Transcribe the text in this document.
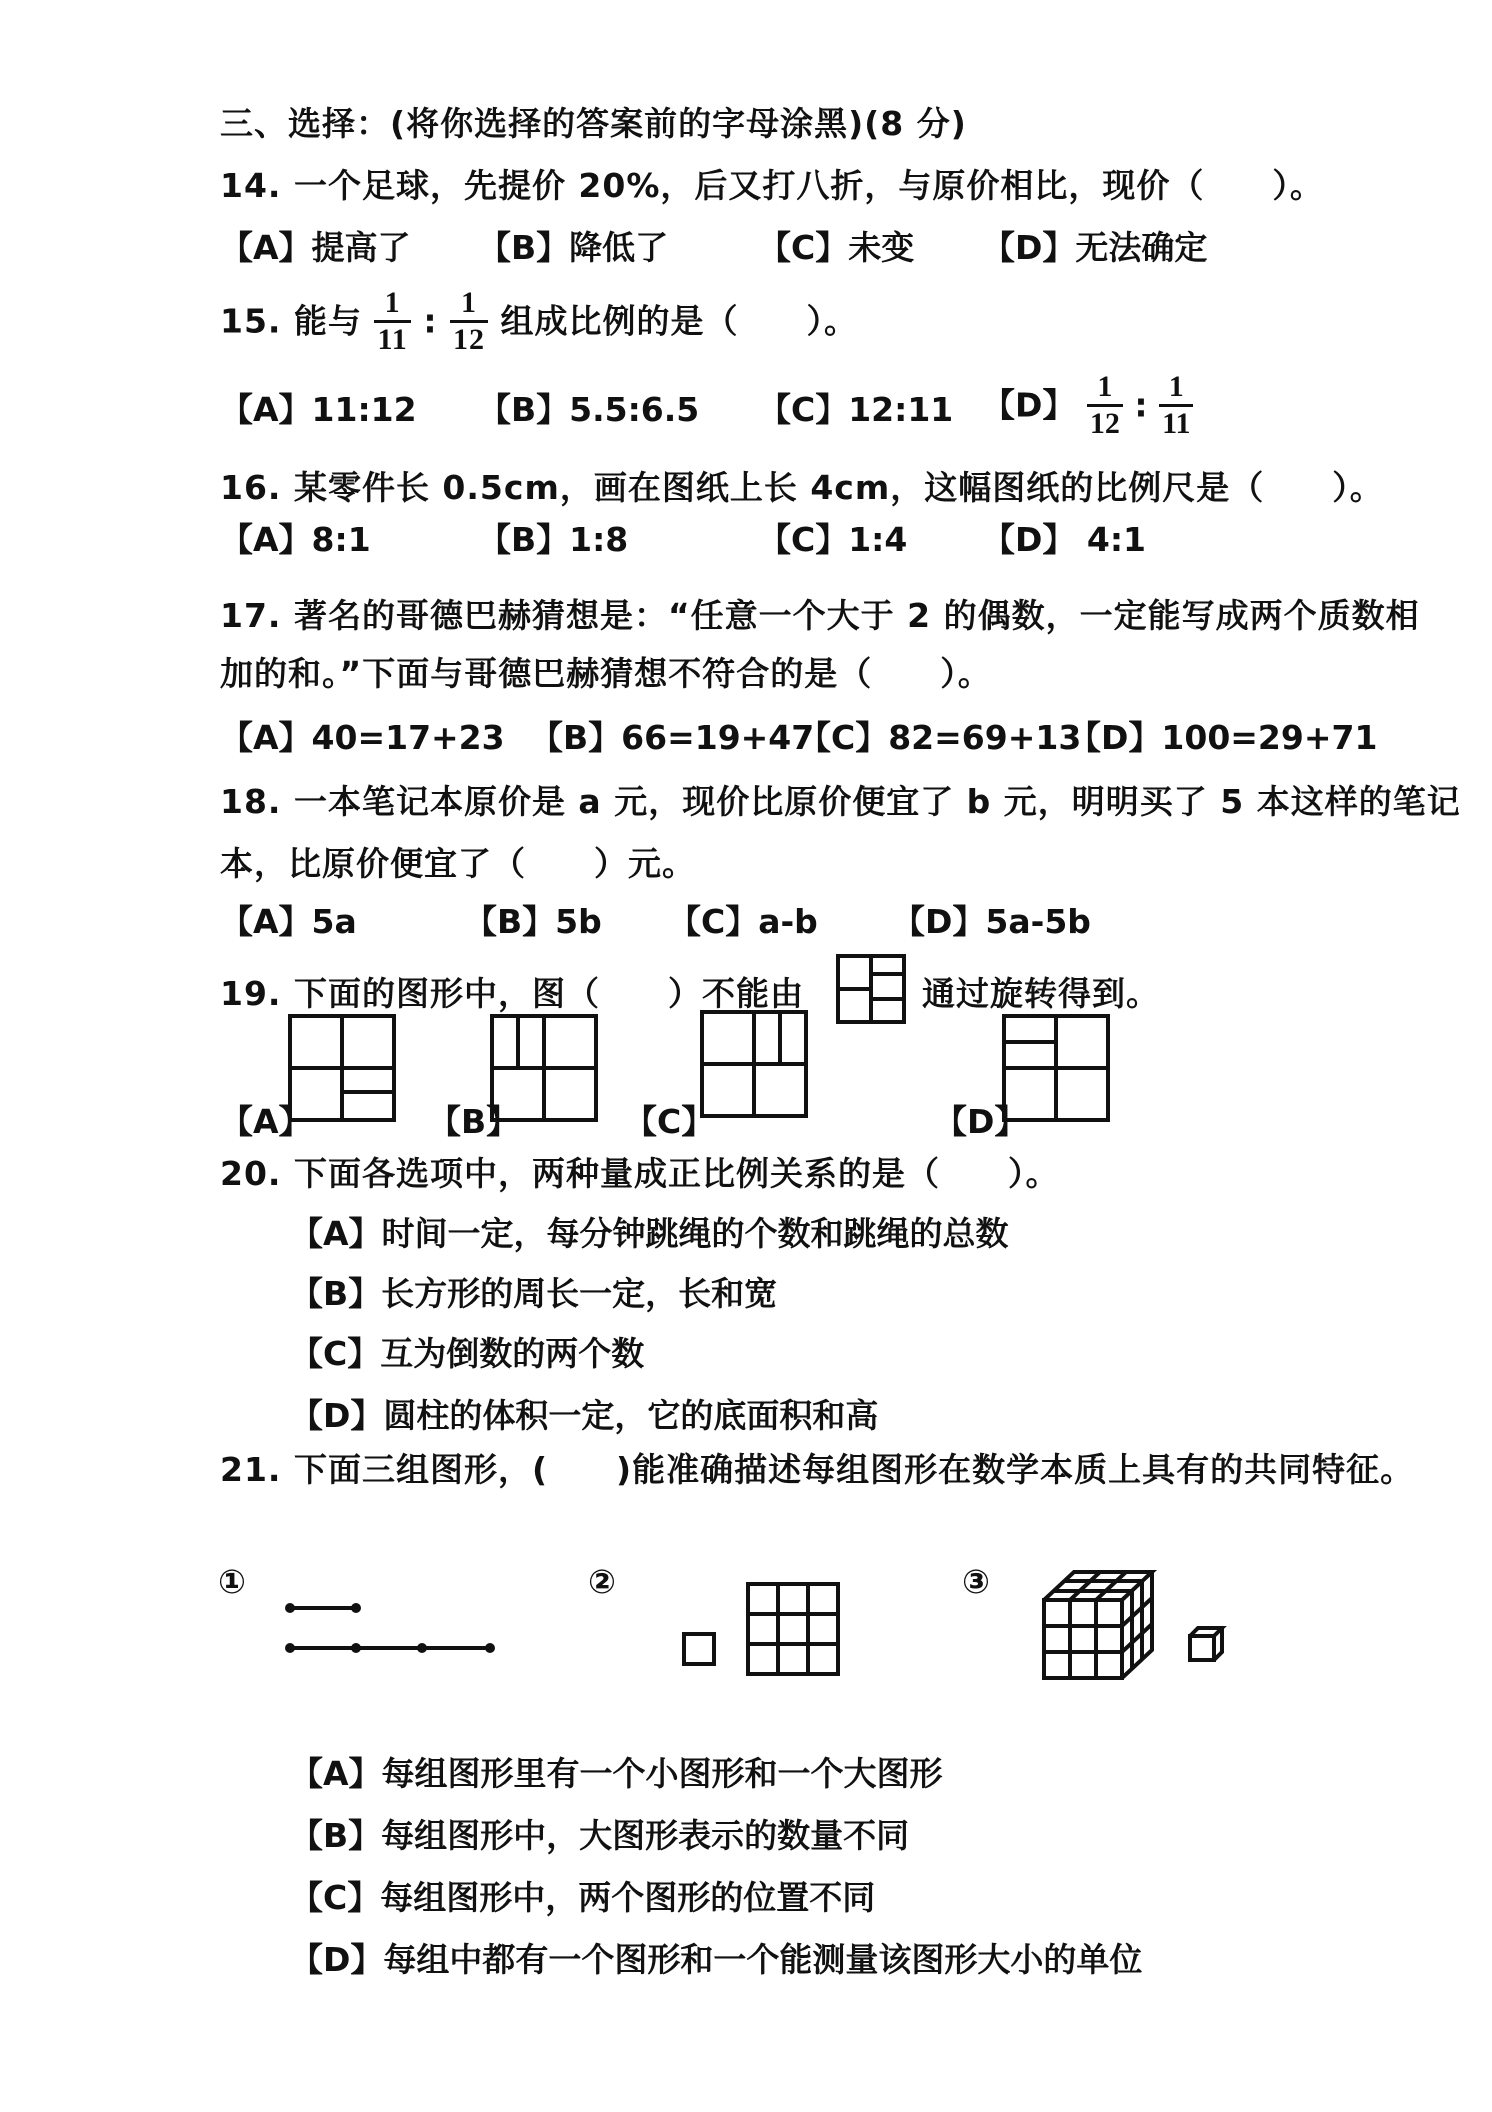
三、选择：(将你选择的答案前的字母涂黑)(8 分)
14. 一个足球，先提价 20%，后又打八折，与原价相比，现价（　　）。
【A】提高了 【B】降低了	【C】未变 【D】无法确定
15. 能与 $\frac{1}{11}$ : $\frac{1}{12}$ 组成比例的是（　　）。
【A】11:12 【B】5.5:6.5 【C】12:11 【D】 $\frac{1}{12}$ : $\frac{1}{11}$
16. 某零件长 0.5cm，画在图纸上长 4cm，这幅图纸的比例尺是（　　）。
【A】8:1	【B】1:8	【C】1:4 【D】 4:1
17. 著名的哥德巴赫猜想是：“任意一个大于 2 的偶数，一定能写成两个质数相
加的和。”下面与哥德巴赫猜想不符合的是（　　）。
【A】40=17+23 【B】66=19+47
【C】82=69+13
【D】100=29+71
18. 一本笔记本原价是 a 元，现价比原价便宜了 b 元，明明买了 5 本这样的笔记
本，比原价便宜了（　　）元。
【A】5a	【B】5b 【C】a-b 【D】5a-5b
19. 下面的图形中，图（　　）不能由	通过旋转得到。
【A】	【B】	【C】	【D】
20. 下面各选项中，两种量成正比例关系的是（　　）。
【A】时间一定，每分钟跳绳的个数和跳绳的总数
【B】长方形的周长一定，长和宽
【C】互为倒数的两个数
【D】圆柱的体积一定，它的底面积和高
21. 下面三组图形，(　　)能准确描述每组图形在数学本质上具有的共同特征。
①	②	③
【A】每组图形里有一个小图形和一个大图形
【B】每组图形中，大图形表示的数量不同
【C】每组图形中，两个图形的位置不同
【D】每组中都有一个图形和一个能测量该图形大小的单位
